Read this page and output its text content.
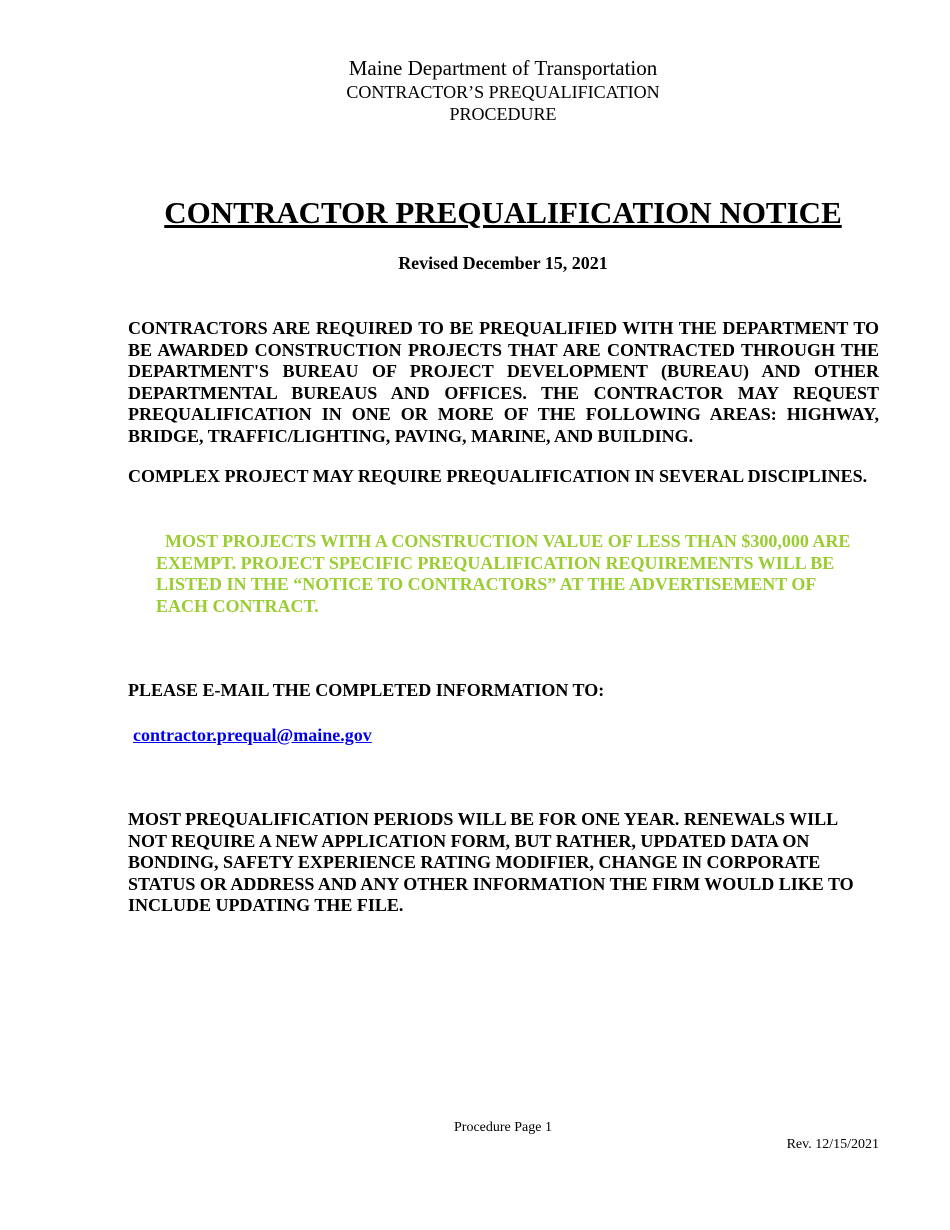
Maine Department of Transportation
CONTRACTOR’S PREQUALIFICATION
PROCEDURE
CONTRACTOR PREQUALIFICATION NOTICE
Revised December 15, 2021

CONTRACTORS ARE REQUIRED TO BE PREQUALIFIED WITH THE DEPARTMENT TO BE AWARDED CONSTRUCTION PROJECTS THAT ARE CONTRACTED THROUGH THE DEPARTMENT'S BUREAU OF PROJECT DEVELOPMENT (BUREAU) AND OTHER DEPARTMENTAL BUREAUS AND OFFICES. THE CONTRACTOR MAY REQUEST PREQUALIFICATION IN ONE OR MORE OF THE FOLLOWING AREAS: HIGHWAY, BRIDGE, TRAFFIC/LIGHTING, PAVING, MARINE, AND BUILDING.

COMPLEX PROJECT MAY REQUIRE PREQUALIFICATION IN SEVERAL DISCIPLINES.

MOST PROJECTS WITH A CONSTRUCTION VALUE OF LESS THAN $300,000 ARE EXEMPT. PROJECT SPECIFIC PREQUALIFICATION REQUIREMENTS WILL BE LISTED IN THE “NOTICE TO CONTRACTORS” AT THE ADVERTISEMENT OF EACH CONTRACT.

PLEASE E-MAIL THE COMPLETED INFORMATION TO:

contractor.prequal@maine.gov

MOST PREQUALIFICATION PERIODS WILL BE FOR ONE YEAR. RENEWALS WILL NOT REQUIRE A NEW APPLICATION FORM, BUT RATHER, UPDATED DATA ON BONDING, SAFETY EXPERIENCE RATING MODIFIER, CHANGE IN CORPORATE STATUS OR ADDRESS AND ANY OTHER INFORMATION THE FIRM WOULD LIKE TO INCLUDE UPDATING THE FILE.

Procedure Page 1
Rev. 12/15/2021
